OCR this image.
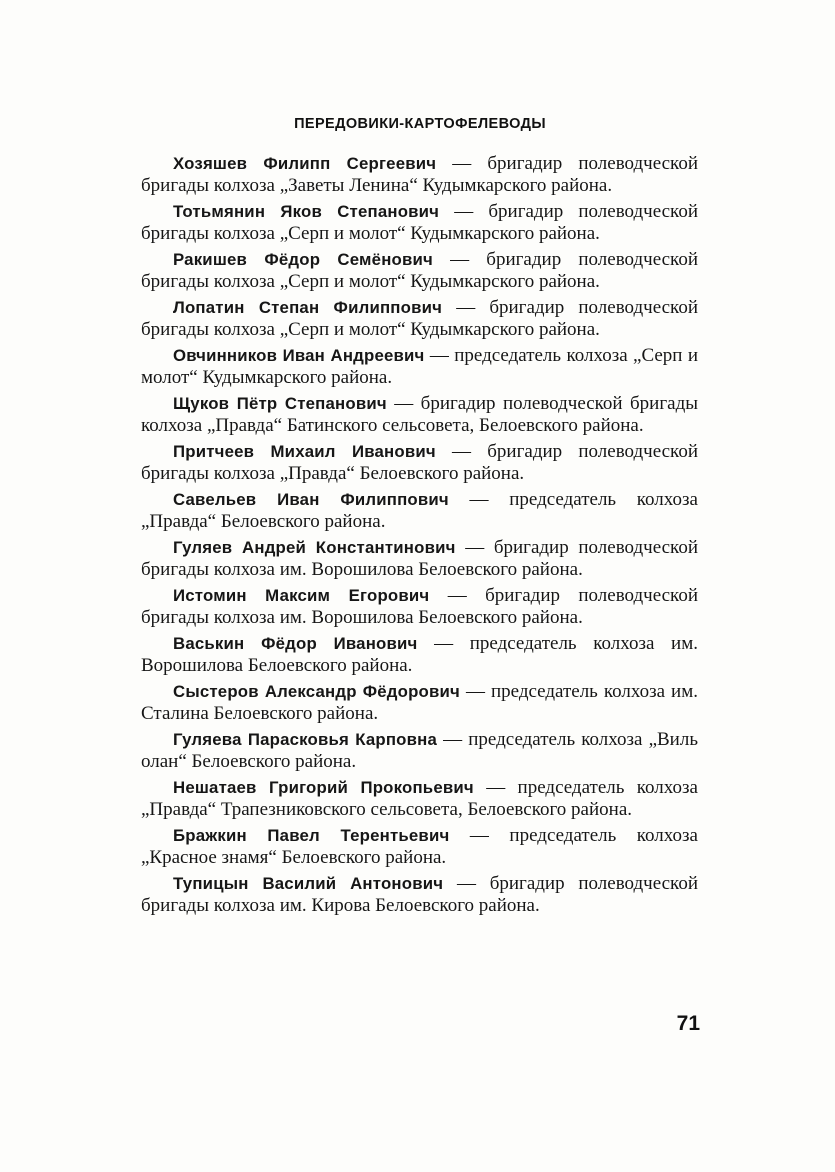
ПЕРЕДОВИКИ-КАРТОФЕЛЕВОДЫ

Хозяшев Филипп Сергеевич — бригадир полеводческой бригады колхоза „Заветы Ленина“ Кудымкарского района.

Тотьмянин Яков Степанович — бригадир полеводческой бригады колхоза „Серп и молот“ Кудымкарского района.

Ракишев Фёдор Семёнович — бригадир полеводческой бригады колхоза „Серп и молот“ Кудымкарского района.

Лопатин Степан Филиппович — бригадир полеводческой бригады колхоза „Серп и молот“ Кудымкарского района.

Овчинников Иван Андреевич — председатель колхоза „Серп и молот“ Кудымкарского района.

Щуков Пётр Степанович — бригадир полеводческой бригады колхоза „Правда“ Батинского сельсовета, Белоевского района.

Притчеев Михаил Иванович — бригадир полеводческой бригады колхоза „Правда“ Белоевского района.

Савельев Иван Филиппович — председатель колхоза „Правда“ Белоевского района.

Гуляев Андрей Константинович — бригадир полеводческой бригады колхоза им. Ворошилова Белоевского района.

Истомин Максим Егорович — бригадир полеводческой бригады колхоза им. Ворошилова Белоевского района.

Васькин Фёдор Иванович — председатель колхоза им. Ворошилова Белоевского района.

Сыстеров Александр Фёдорович — председатель колхоза им. Сталина Белоевского района.

Гуляева Парасковья Карповна — председатель колхоза „Виль олан“ Белоевского района.

Нешатаев Григорий Прокопьевич — председатель колхоза „Правда“ Трапезниковского сельсовета, Белоевского района.

Бражкин Павел Терентьевич — председатель колхоза „Красное знамя“ Белоевского района.

Тупицын Василий Антонович — бригадир полеводческой бригады колхоза им. Кирова Белоевского района.

71
